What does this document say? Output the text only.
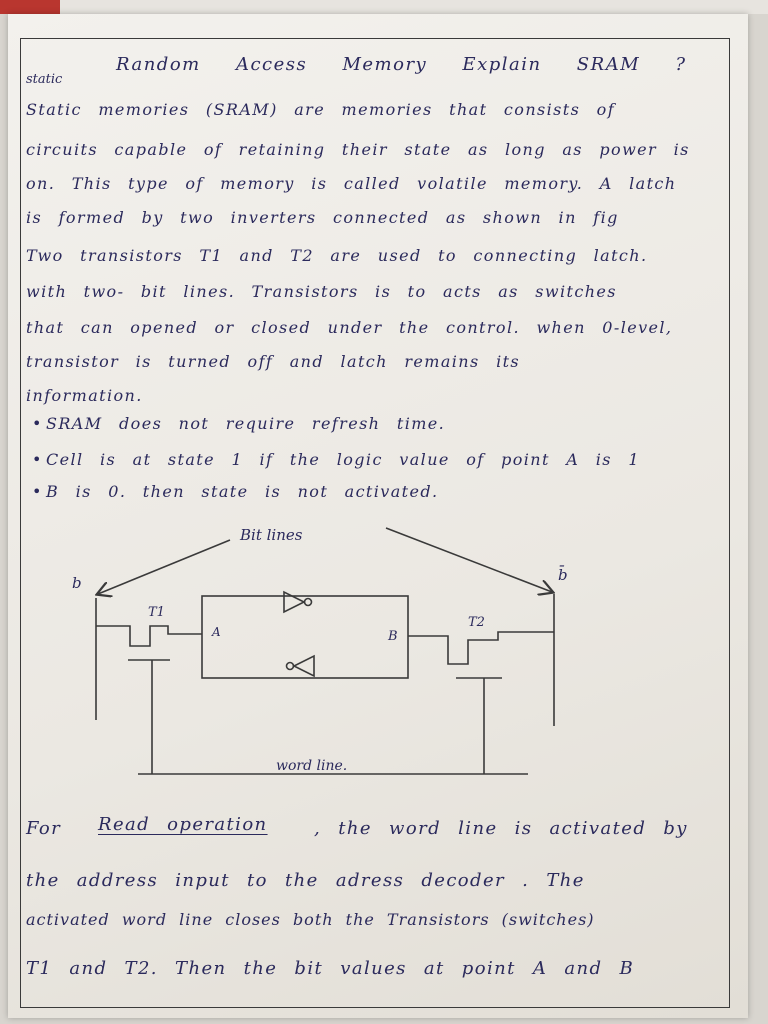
static
Random Access Memory Explain SRAM ?
Static memories (SRAM) are memories that consists of
circuits capable of retaining their state as long as power is
on. This type of memory is called volatile memory. A latch
is formed by two inverters connected as shown in fig
Two transistors T1 and T2 are used to connecting latch.
with two- bit lines. Transistors is to acts as switches
that can opened or closed under the control. when 0-level,
transistor is turned off and latch remains its
information.
• SRAM does not require refresh time.
• Cell is at state 1 if the logic value of point A is 1
• B is 0. then state is not activated.
Bit lines
b	b̄
T1
T2
A	B
word line.
For	Read operation	, the word line is activated by
the address input to the adress decoder . The
activated word line closes both the Transistors (switches)
T1 and T2. Then the bit values at point A and B
